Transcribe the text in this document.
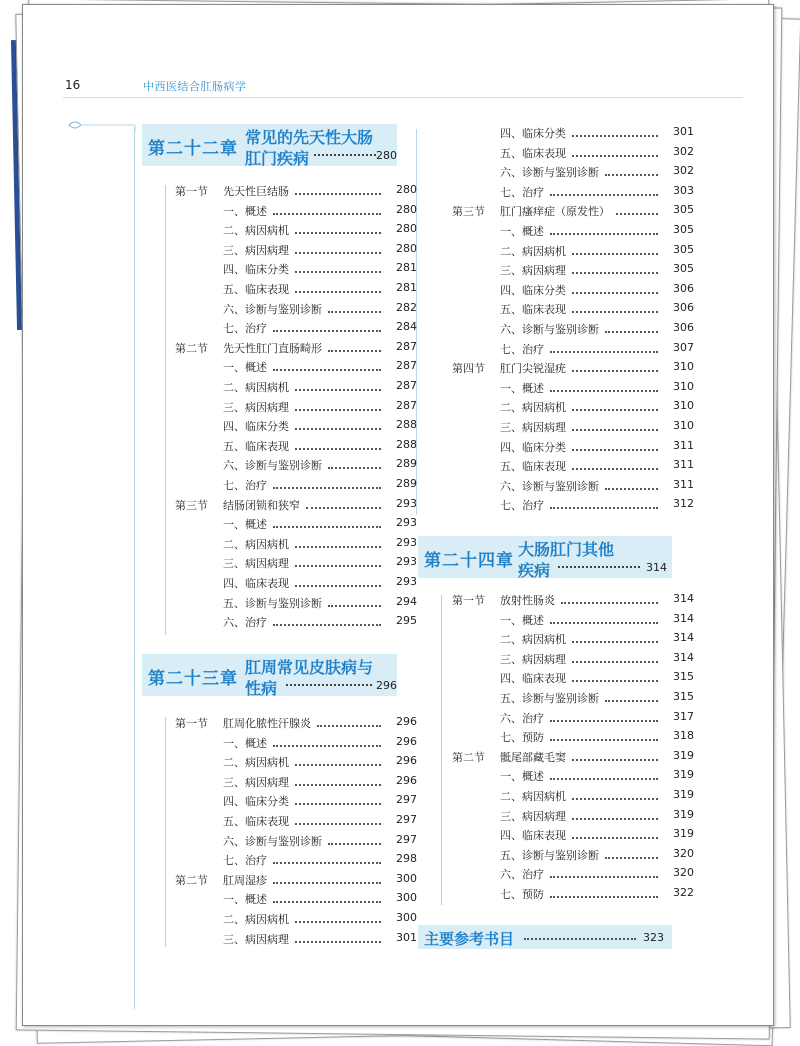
16	中西医结合肛肠病学
第二十二章
常见的先天性大肠
肛门疾病	280
第二十三章
肛周常见皮肤病与
性病	296
第二十四章
大肠肛门其他
疾病	314
第一节	先天性巨结肠	280
一、概述	280
二、病因病机	280
三、病因病理	280
四、临床分类	281
五、临床表现	281
六、诊断与鉴别诊断	282
七、治疗	284
第二节	先天性肛门直肠畸形	287
一、概述	287
二、病因病机	287
三、病因病理	287
四、临床分类	288
五、临床表现	288
六、诊断与鉴别诊断	289
七、治疗	289
第三节	结肠闭锁和狭窄	293
一、概述	293
二、病因病机	293
三、病因病理	293
四、临床表现	293
五、诊断与鉴别诊断	294
六、治疗	295
第一节	肛周化脓性汗腺炎	296
一、概述	296
二、病因病机	296
三、病因病理	296
四、临床分类	297
五、临床表现	297
六、诊断与鉴别诊断	297
七、治疗	298
第二节	肛周湿疹	300
一、概述	300
二、病因病机	300
三、病因病理	301
四、临床分类	301
五、临床表现	302
六、诊断与鉴别诊断	302
七、治疗	303
第三节	肛门瘙痒症（原发性）	305
一、概述	305
二、病因病机	305
三、病因病理	305
四、临床分类	306
五、临床表现	306
六、诊断与鉴别诊断	306
七、治疗	307
第四节	肛门尖锐湿疣	310
一、概述	310
二、病因病机	310
三、病因病理	310
四、临床分类	311
五、临床表现	311
六、诊断与鉴别诊断	311
七、治疗	312
第一节	放射性肠炎	314
一、概述	314
二、病因病机	314
三、病因病理	314
四、临床表现	315
五、诊断与鉴别诊断	315
六、治疗	317
七、预防	318
第二节	骶尾部藏毛窦	319
一、概述	319
二、病因病机	319
三、病因病理	319
四、临床表现	319
五、诊断与鉴别诊断	320
六、治疗	320
七、预防	322
主要参考书目	323
